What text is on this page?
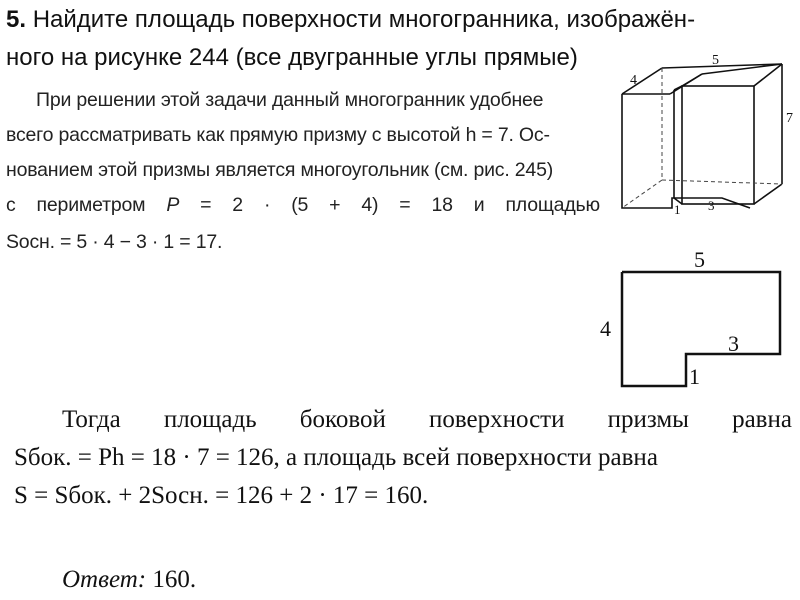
5. Найдите площадь поверхности многогранника, изображён-
ного на рисунке 244 (все двугранные углы прямые)
При решении этой задачи данный многогранник удобнее
всего рассматривать как прямую призму с высотой h = 7. Ос-
нованием этой призмы является многоугольник (см. рис. 245)
с периметром P = 2 · (5 + 4) = 18 и площадью
Sосн. = 5 · 4 − 3 · 1 = 17.
4
5
7
1 3
5
4
3
1
Тогда площадь боковой поверхности призмы равна
Sбок. = Ph = 18 · 7 = 126, а площадь всей поверхности равна
S = Sбок. + 2Sосн. = 126 + 2 · 17 = 160.
Ответ: 160.
